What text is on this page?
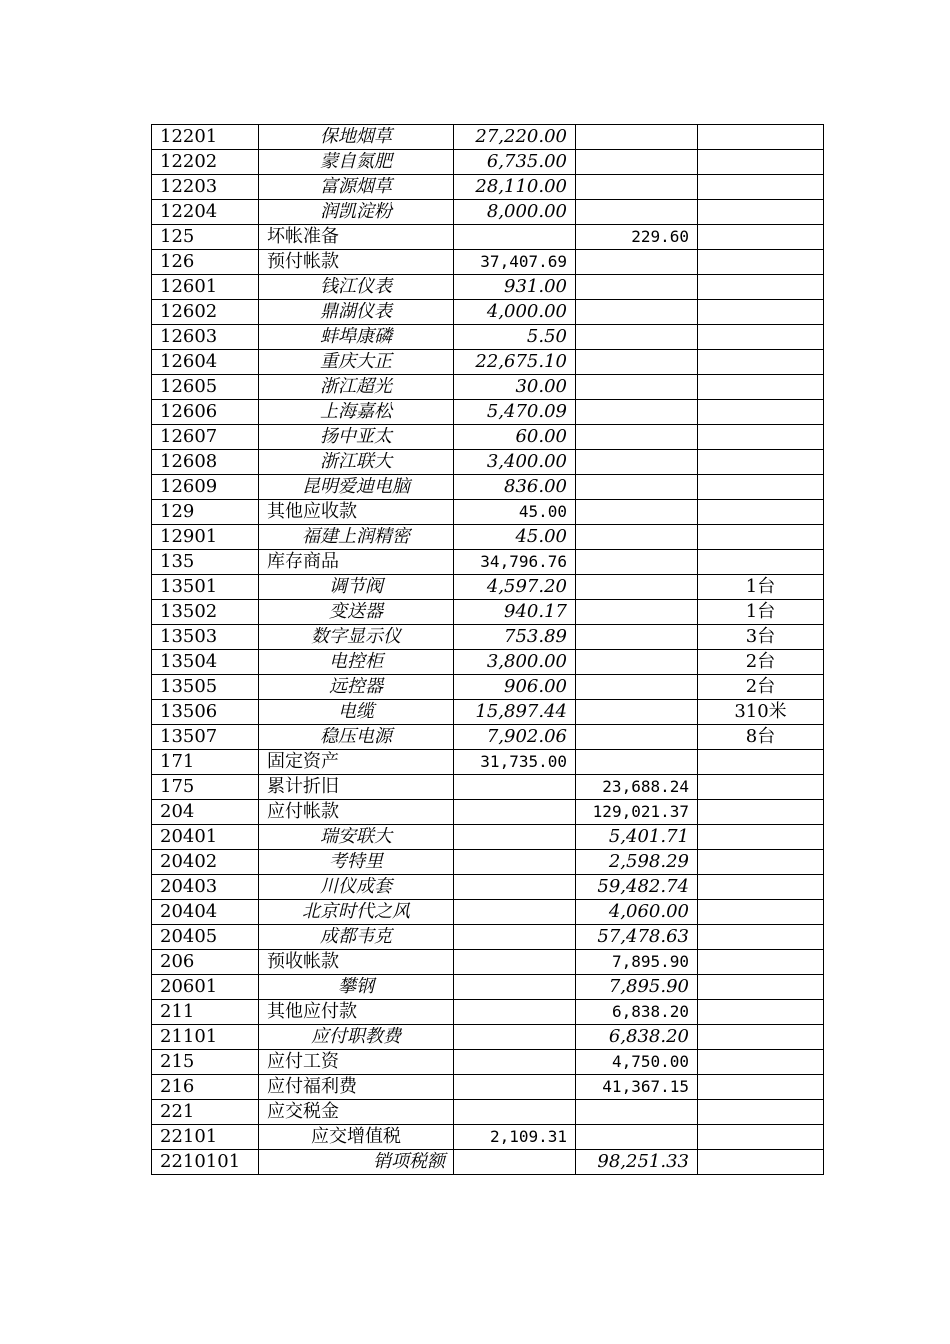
12201	保地烟草	27,220.00		
12202	蒙自氮肥	6,735.00		
12203	富源烟草	28,110.00		
12204	润凯淀粉	8,000.00		
125	坏帐准备		229.60	
126	预付帐款	37,407.69		
12601	钱江仪表	931.00		
12602	鼎湖仪表	4,000.00		
12603	蚌埠康磷	5.50		
12604	重庆大正	22,675.10		
12605	浙江超光	30.00		
12606	上海嘉松	5,470.09		
12607	扬中亚太	60.00		
12608	浙江联大	3,400.00		
12609	昆明爱迪电脑	836.00		
129	其他应收款	45.00		
12901	福建上润精密	45.00		
135	库存商品	34,796.76		
13501	调节阀	4,597.20		1台
13502	变送器	940.17		1台
13503	数字显示仪	753.89		3台
13504	电控柜	3,800.00		2台
13505	远控器	906.00		2台
13506	电缆	15,897.44		310米
13507	稳压电源	7,902.06		8台
171	固定资产	31,735.00		
175	累计折旧		23,688.24	
204	应付帐款		129,021.37	
20401	瑞安联大		5,401.71	
20402	考特里		2,598.29	
20403	川仪成套		59,482.74	
20404	北京时代之风		4,060.00	
20405	成都韦克		57,478.63	
206	预收帐款		7,895.90	
20601	攀钢		7,895.90	
211	其他应付款		6,838.20	
21101	应付职教费		6,838.20	
215	应付工资		4,750.00	
216	应付福利费		41,367.15	
221	应交税金			
22101	应交增值税	2,109.31		
2210101	销项税额		98,251.33	
